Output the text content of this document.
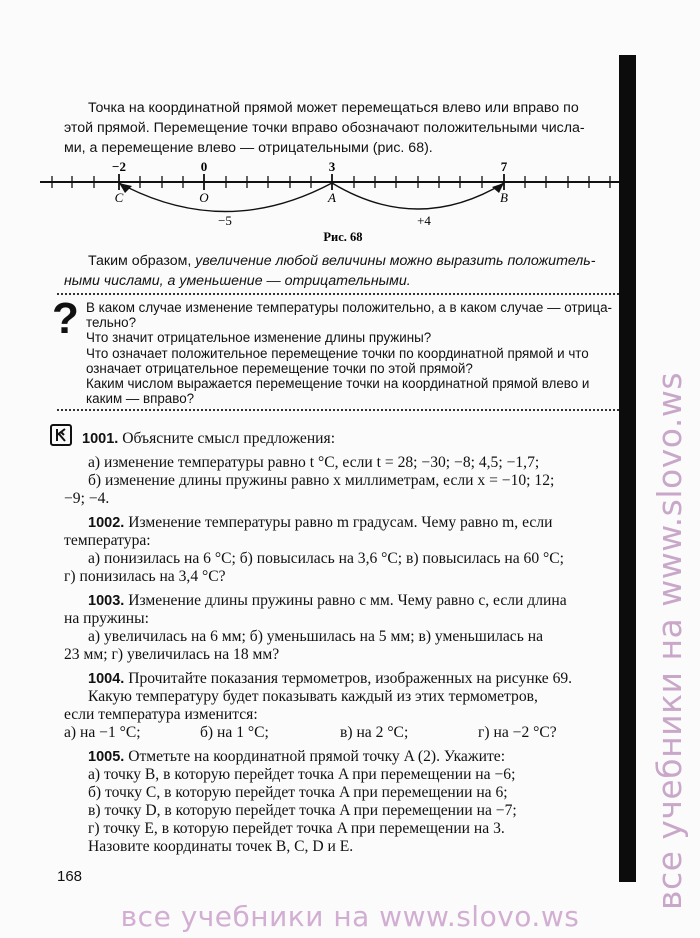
Точка на координатной прямой может перемещаться влево или вправо по
этой прямой. Перемещение точки вправо обозначают положительными числа-
ми, а перемещение влево — отрицательными (рис. 68).
−2	0	3	7
C	O	A	B
−5	+4
Рис. 68
Таким образом, увеличение любой величины можно выразить положитель-
ными числами, а уменьшение — отрицательными.
? В каком случае изменение температуры положительно, а в каком случае — отрица-
тельно?
Что значит отрицательное изменение длины пружины?
Что означает положительное перемещение точки по координатной прямой и что
означает отрицательное перемещение точки по этой прямой?
Каким числом выражается перемещение точки на координатной прямой влево и
каким — вправо?
1001. Объясните смысл предложения:
а) изменение температуры равно t °С, если t = 28; −30; −8; 4,5; −1,7;
б) изменение длины пружины равно x миллиметрам, если x = −10; 12;
−9; −4.
1002. Изменение температуры равно m градусам. Чему равно m, если
температура:
а) понизилась на 6 °С; б) повысилась на 3,6 °С; в) повысилась на 60 °С;
г) понизилась на 3,4 °С?
1003. Изменение длины пружины равно c мм. Чему равно c, если длина
на пружины:
а) увеличилась на 6 мм; б) уменьшилась на 5 мм; в) уменьшилась на
23 мм; г) увеличилась на 18 мм?
1004. Прочитайте показания термометров, изображенных на рисунке 69.
Какую температуру будет показывать каждый из этих термометров,
если температура изменится:
а) на −1 °С;	б) на 1 °С;	в) на 2 °С;	г) на −2 °С?
1005. Отметьте на координатной прямой точку A (2). Укажите:
а) точку B, в которую перейдет точка A при перемещении на −6;
б) точку C, в которую перейдет точка A при перемещении на 6;
в) точку D, в которую перейдет точка A при перемещении на −7;
г) точку E, в которую перейдет точка A при перемещении на 3.
Назовите координаты точек B, C, D и E.
168	все учебники на www.slovo.ws
все учебники на www.slovo.ws
